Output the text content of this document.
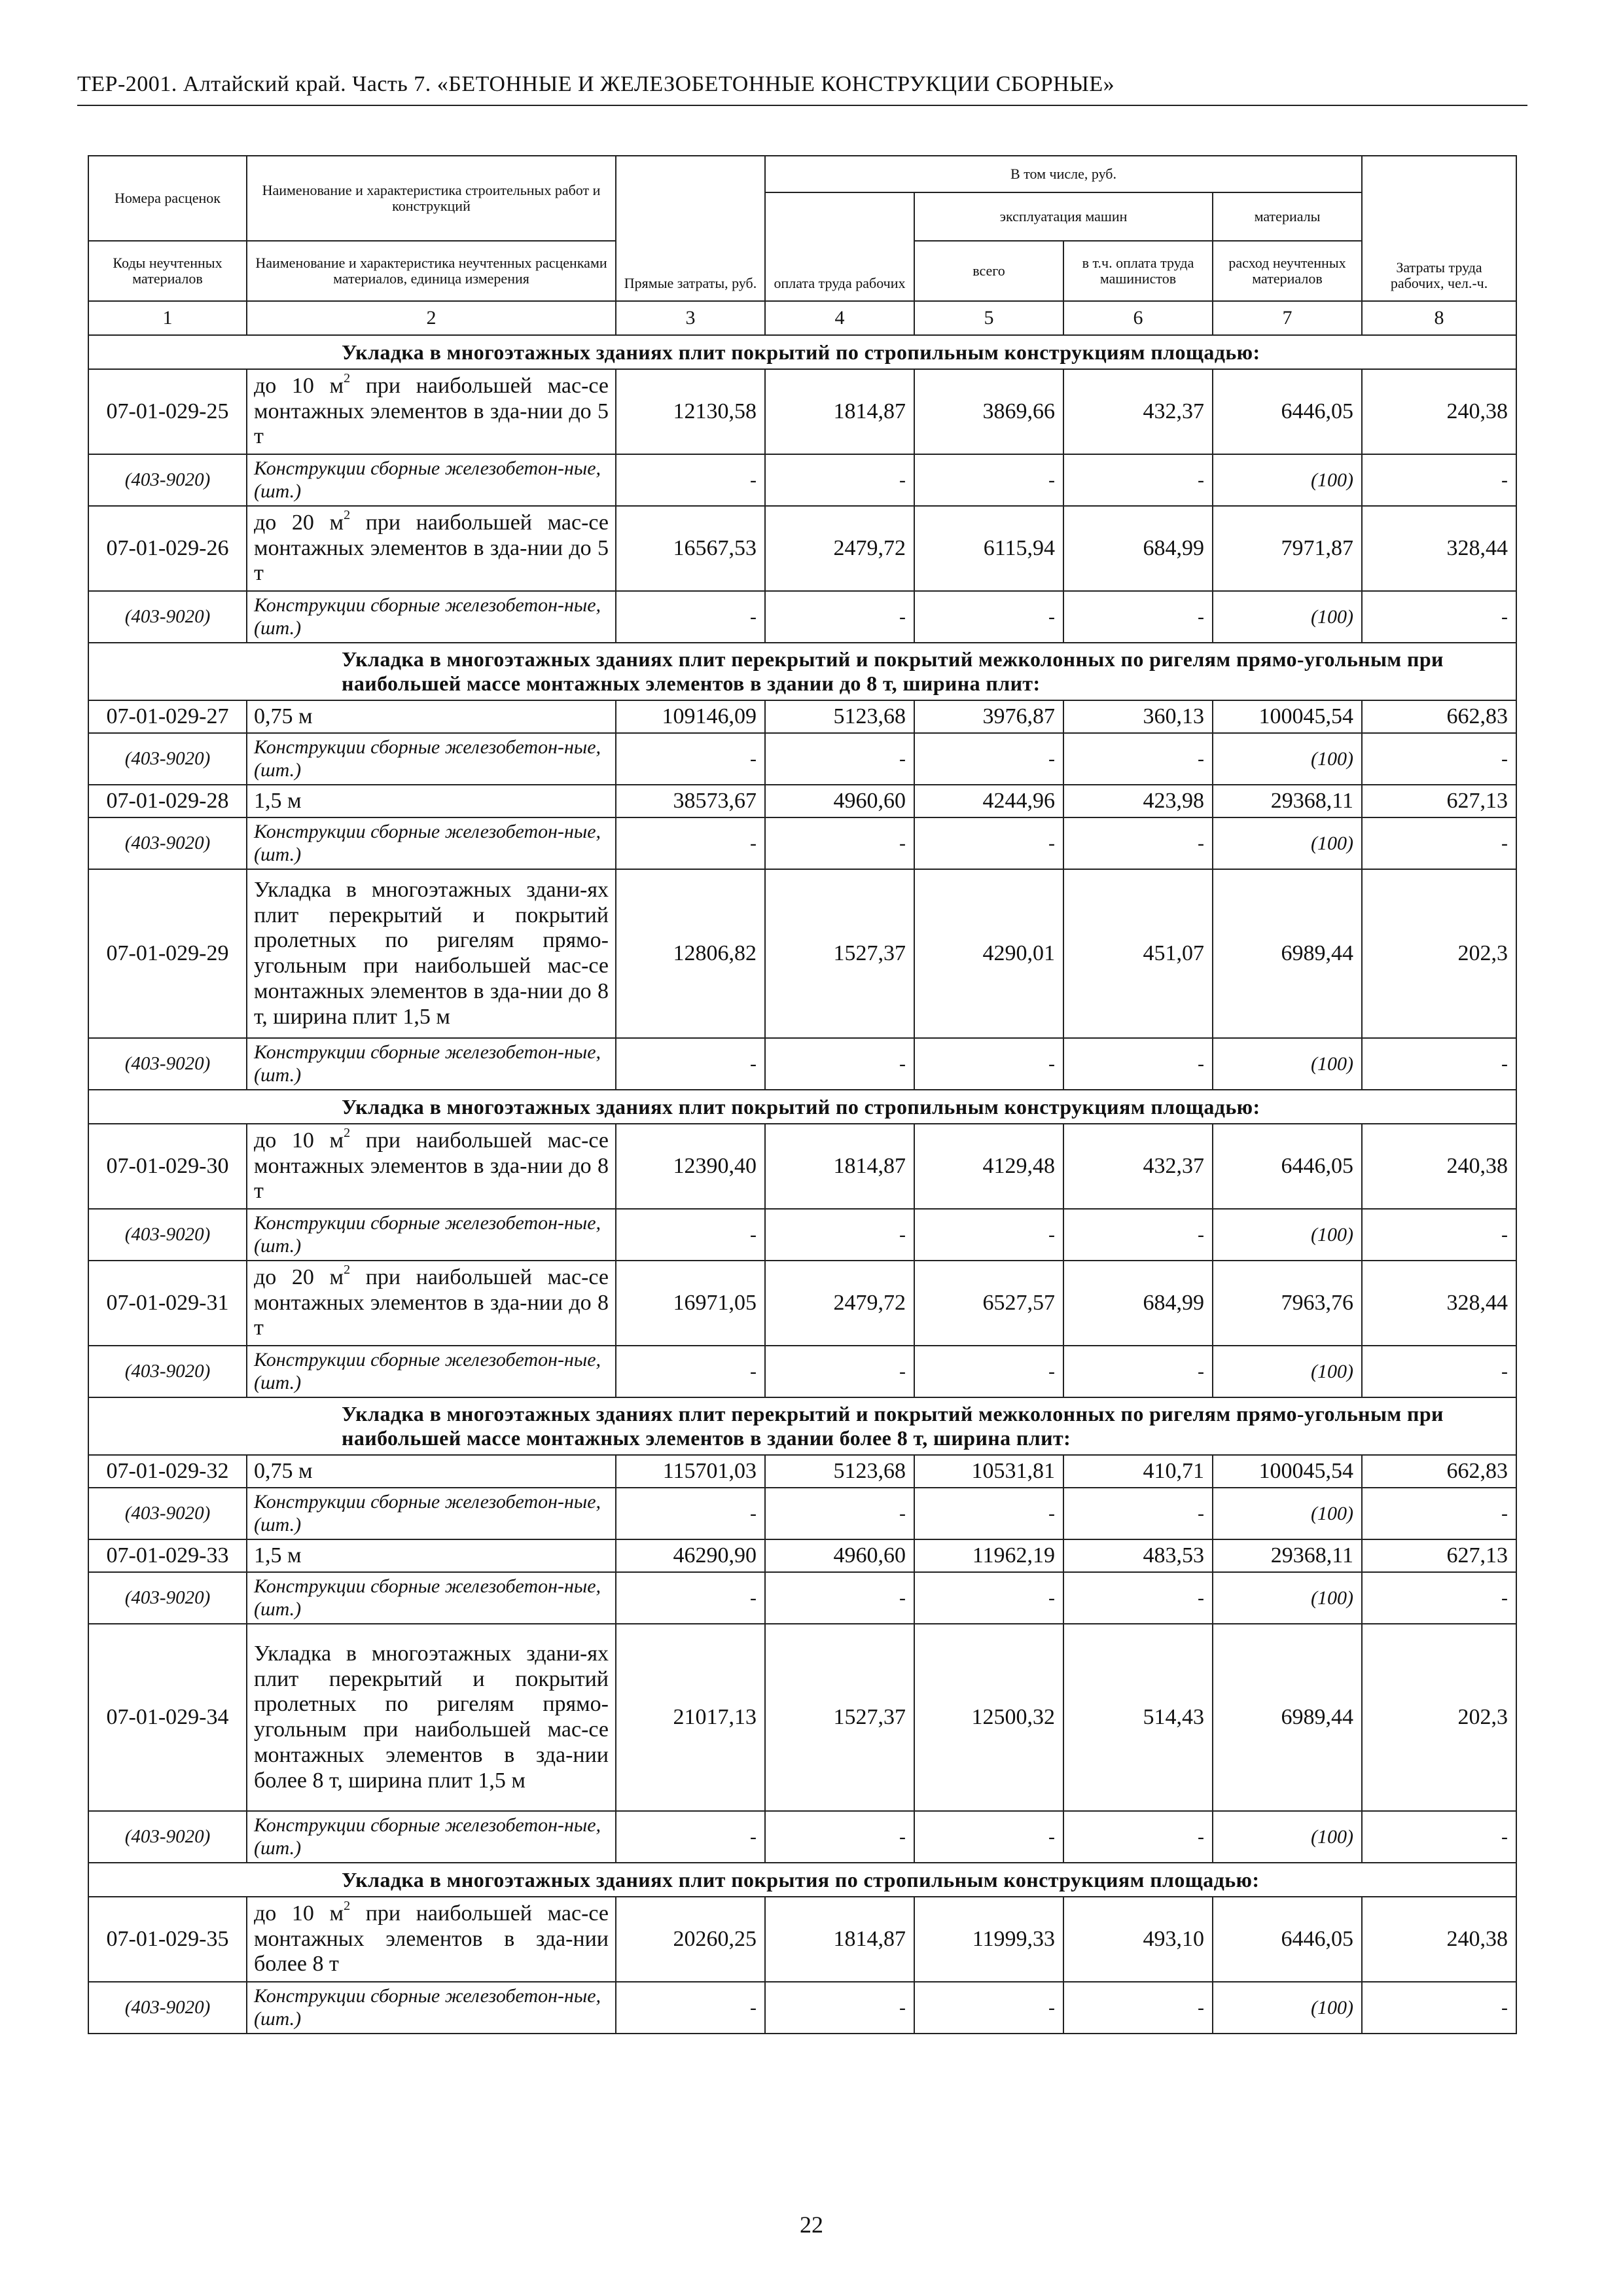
ТЕР-2001. Алтайский край. Часть 7. «БЕТОННЫЕ И ЖЕЛЕЗОБЕТОННЫЕ КОНСТРУКЦИИ СБОРНЫЕ»
Номера расценок	Наименование и характеристика строительных работ и конструкций	Прямые затраты, руб.	В том числе, руб.				Затраты труда рабочих, чел.-ч.
			оплата труда рабочих	эксплуатация машин		материалы	
Коды неучтенных материалов	Наименование и характеристика неучтенных расценками материалов, единица измерения			всего	в т.ч. оплата труда машинистов	расход неучтенных материалов	
1	2	3	4	5	6	7	8
Укладка в многоэтажных зданиях плит покрытий по стропильным конструкциям площадью:							
07-01-029-25	до 10 $м^2$ при наибольшей мас-се монтажных элементов в зда-нии до 5 т	12130,58	1814,87	3869,66	432,37	6446,05	240,38
(403-9020)	Конструкции сборные железобетон-ные, (шт.)	-	-	-	-	(100)	-
07-01-029-26	до 20 $м^2$ при наибольшей мас-се монтажных элементов в зда-нии до 5 т	16567,53	2479,72	6115,94	684,99	7971,87	328,44
(403-9020)	Конструкции сборные железобетон-ные, (шт.)	-	-	-	-	(100)	-
Укладка в многоэтажных зданиях плит перекрытий и покрытий межколонных по ригелям прямо-угольным при наибольшей массе монтажных элементов в здании до 8 т, ширина плит:							
07-01-029-27	0,75 м	109146,09	5123,68	3976,87	360,13	100045,54	662,83
(403-9020)	Конструкции сборные железобетон-ные, (шт.)	-	-	-	-	(100)	-
07-01-029-28	1,5 м	38573,67	4960,60	4244,96	423,98	29368,11	627,13
(403-9020)	Конструкции сборные железобетон-ные, (шт.)	-	-	-	-	(100)	-
07-01-029-29	Укладка в многоэтажных здани-ях плит перекрытий и покрытий пролетных по ригелям прямо-угольным при наибольшей мас-се монтажных элементов в зда-нии до 8 т, ширина плит 1,5 м	12806,82	1527,37	4290,01	451,07	6989,44	202,3
(403-9020)	Конструкции сборные железобетон-ные, (шт.)	-	-	-	-	(100)	-
Укладка в многоэтажных зданиях плит покрытий по стропильным конструкциям площадью:							
07-01-029-30	до 10 $м^2$ при наибольшей мас-се монтажных элементов в зда-нии до 8 т	12390,40	1814,87	4129,48	432,37	6446,05	240,38
(403-9020)	Конструкции сборные железобетон-ные, (шт.)	-	-	-	-	(100)	-
07-01-029-31	до 20 $м^2$ при наибольшей мас-се монтажных элементов в зда-нии до 8 т	16971,05	2479,72	6527,57	684,99	7963,76	328,44
(403-9020)	Конструкции сборные железобетон-ные, (шт.)	-	-	-	-	(100)	-
Укладка в многоэтажных зданиях плит перекрытий и покрытий межколонных по ригелям прямо-угольным при наибольшей массе монтажных элементов в здании более 8 т, ширина плит:							
07-01-029-32	0,75 м	115701,03	5123,68	10531,81	410,71	100045,54	662,83
(403-9020)	Конструкции сборные железобетон-ные, (шт.)	-	-	-	-	(100)	-
07-01-029-33	1,5 м	46290,90	4960,60	11962,19	483,53	29368,11	627,13
(403-9020)	Конструкции сборные железобетон-ные, (шт.)	-	-	-	-	(100)	-
07-01-029-34	Укладка в многоэтажных здани-ях плит перекрытий и покрытий пролетных по ригелям прямо-угольным при наибольшей мас-се монтажных элементов в зда-нии более 8 т, ширина плит 1,5 м	21017,13	1527,37	12500,32	514,43	6989,44	202,3
(403-9020)	Конструкции сборные железобетон-ные, (шт.)	-	-	-	-	(100)	-
Укладка в многоэтажных зданиях плит покрытия по стропильным конструкциям площадью:							
07-01-029-35	до 10 $м^2$ при наибольшей мас-се монтажных элементов в зда-нии более 8 т	20260,25	1814,87	11999,33	493,10	6446,05	240,38
(403-9020)	Конструкции сборные железобетон-ные, (шт.)	-	-	-	-	(100)	-
22
